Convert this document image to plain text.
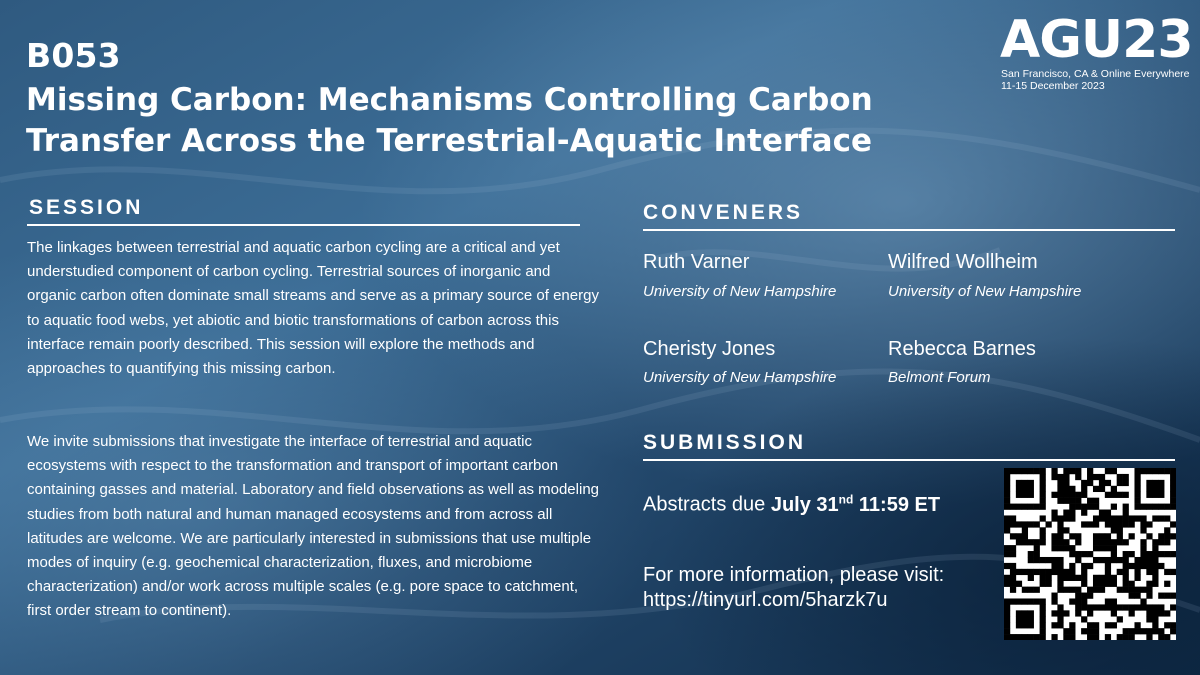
B053
Missing Carbon: Mechanisms Controlling Carbon
Transfer Across the Terrestrial-Aquatic Interface
AGU23
San Francisco, CA & Online Everywhere
11-15 December 2023
SESSION
The linkages between terrestrial and aquatic carbon cycling are a critical and yet understudied component of carbon cycling. Terrestrial sources of inorganic and organic carbon often dominate small streams and serve as a primary source of energy to aquatic food webs, yet abiotic and biotic transformations of carbon across this interface remain poorly described. This session will explore the methods and approaches to quantifying this missing carbon.
We invite submissions that investigate the interface of terrestrial and aquatic ecosystems with respect to the transformation and transport of important carbon containing gasses and material. Laboratory and field observations as well as modeling studies from both natural and human managed ecosystems and from across all latitudes are welcome. We are particularly interested in submissions that use multiple modes of inquiry (e.g. geochemical characterization, fluxes, and microbiome characterization) and/or work across multiple scales (e.g. pore space to catchment, first order stream to continent).
CONVENERS
Ruth Varner
University of New Hampshire
Wilfred Wollheim
University of New Hampshire
Cheristy Jones
University of New Hampshire
Rebecca Barnes
Belmont Forum
SUBMISSION
Abstracts due July 31nd 11:59 ET
For more information, please visit:
https://tinyurl.com/5harzk7u
